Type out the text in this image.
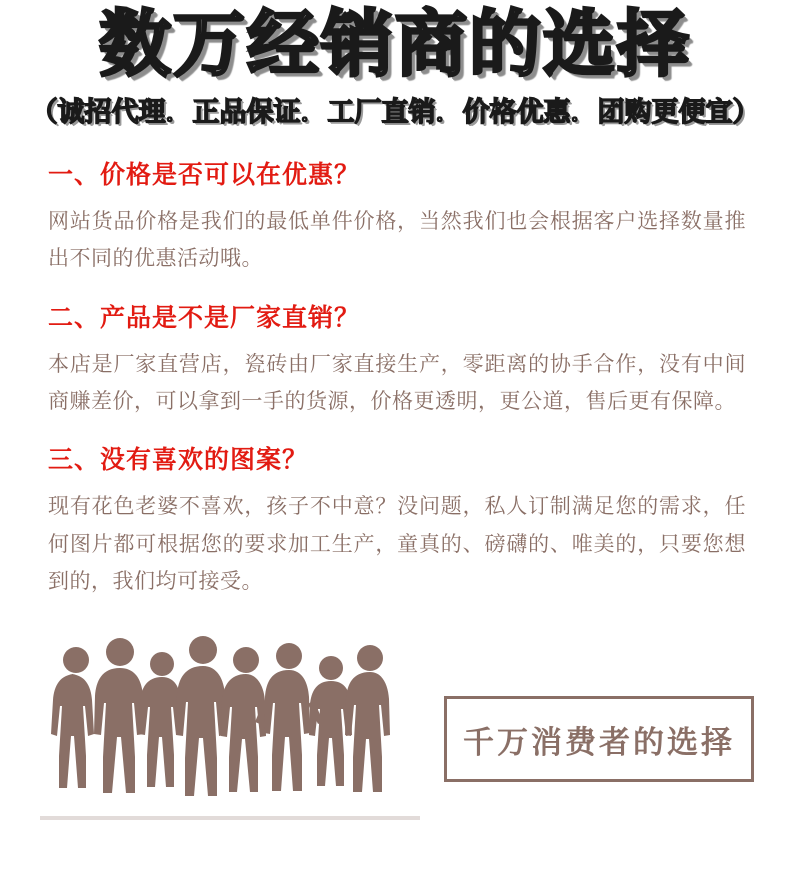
数万经销商的选择
（诚招代理．正品保证．工厂直销．价格优惠．团购更便宜）

一、价格是否可以在优惠？

网站货品价格是我们的最低单件价格，当然我们也会根据客户选择数量推出不同的优惠活动哦。

二、产品是不是厂家直销？

本店是厂家直营店，瓷砖由厂家直接生产，零距离的协手合作，没有中间商赚差价，可以拿到一手的货源，价格更透明，更公道，售后更有保障。

三、没有喜欢的图案？

现有花色老婆不喜欢，孩子不中意？没问题，私人订制满足您的需求，任何图片都可根据您的要求加工生产，童真的、磅礴的、唯美的，只要您想到的，我们均可接受。

千万消费者的选择
